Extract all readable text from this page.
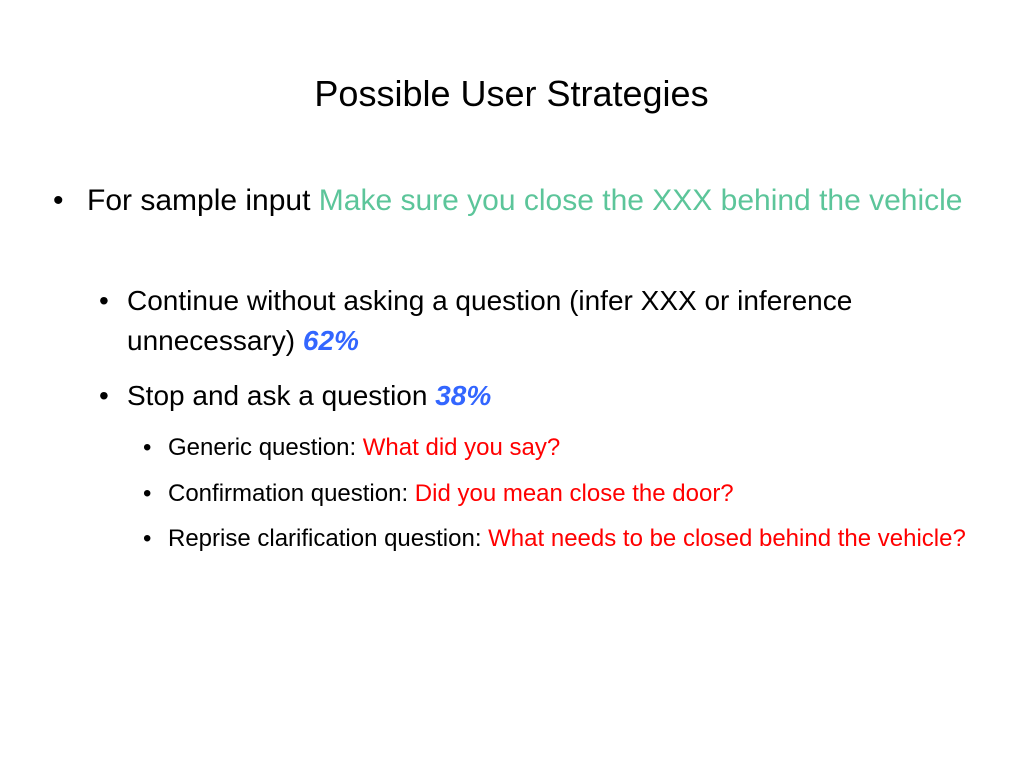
Possible User Strategies

• For sample input Make sure you close the XXX behind the vehicle

• Continue without asking a question (infer XXX or inference unnecessary) 62%

• Stop and ask a question 38%

• Generic question: What did you say?

• Confirmation question: Did you mean close the door?

• Reprise clarification question: What needs to be closed behind the vehicle?
